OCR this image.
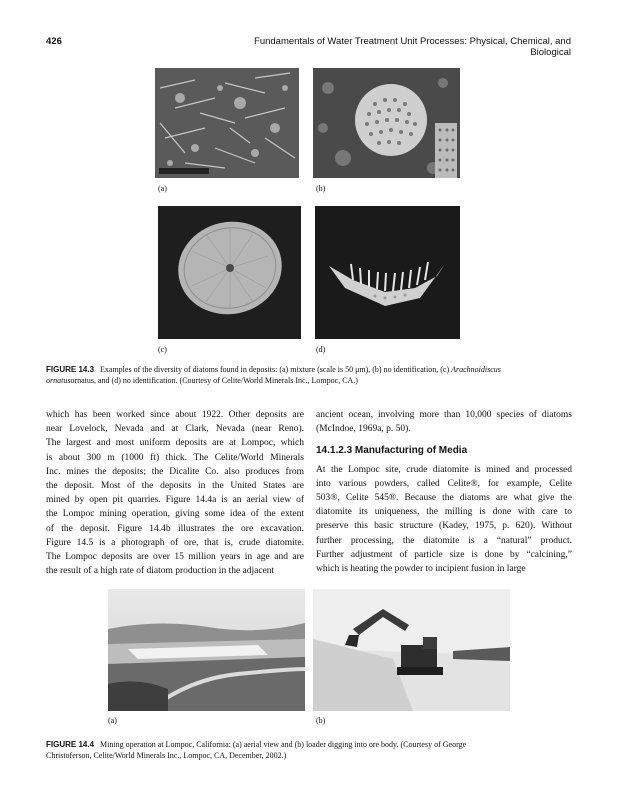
426	Fundamentals of Water Treatment Unit Processes: Physical, Chemical, and Biological
(a)	(b)
(c)	(d)
FIGURE 14.3 Examples of the diversity of diatoms found in deposits: (a) mixture (scale is 50 μm), (b) no identification, (c) Arachnoidiscus
ornatusornatus, and (d) no identification. (Courtesy of Celite/World Minerals Inc., Lompoc, CA.)
which has been worked since about 1922. Other deposits are
near Lovelock, Nevada and at Clark, Nevada (near Reno).
The largest and most uniform deposits are at Lompoc, which
is about 300 m (1000 ft) thick. The Celite/World Minerals
Inc. mines the deposits; the Dicalite Co. also produces from
the deposit. Most of the deposits in the United States are
mined by open pit quarries. Figure 14.4a is an aerial view of
the Lompoc mining operation, giving some idea of the extent
of the deposit. Figure 14.4b illustrates the ore excavation.
Figure 14.5 is a photograph of ore, that is, crude diatomite.
The Lompoc deposits are over 15 million years in age and are
the result of a high rate of diatom production in the adjacent
ancient ocean, involving more than 10,000 species of diatoms
(McIndoe, 1969a, p. 50).
14.1.2.3 Manufacturing of Media
At the Lompoc site, crude diatomite is mined and processed
into various powders, called Celite®, for example, Celite
503®, Celite 545®. Because the diatoms are what give the
diatomite its uniqueness, the milling is done with care to
preserve this basic structure (Kadey, 1975, p. 620). Without
further processing, the diatomite is a “natural” product.
Further adjustment of particle size is done by “calcining,”
which is heating the powder to incipient fusion in large
(a)	(b)
FIGURE 14.4 Mining operation at Lompoc, California: (a) aerial view and (b) loader digging into ore body. (Courtesy of George
Christoferson, Celite/World Minerals Inc., Lompoc, CA, December, 2002.)
